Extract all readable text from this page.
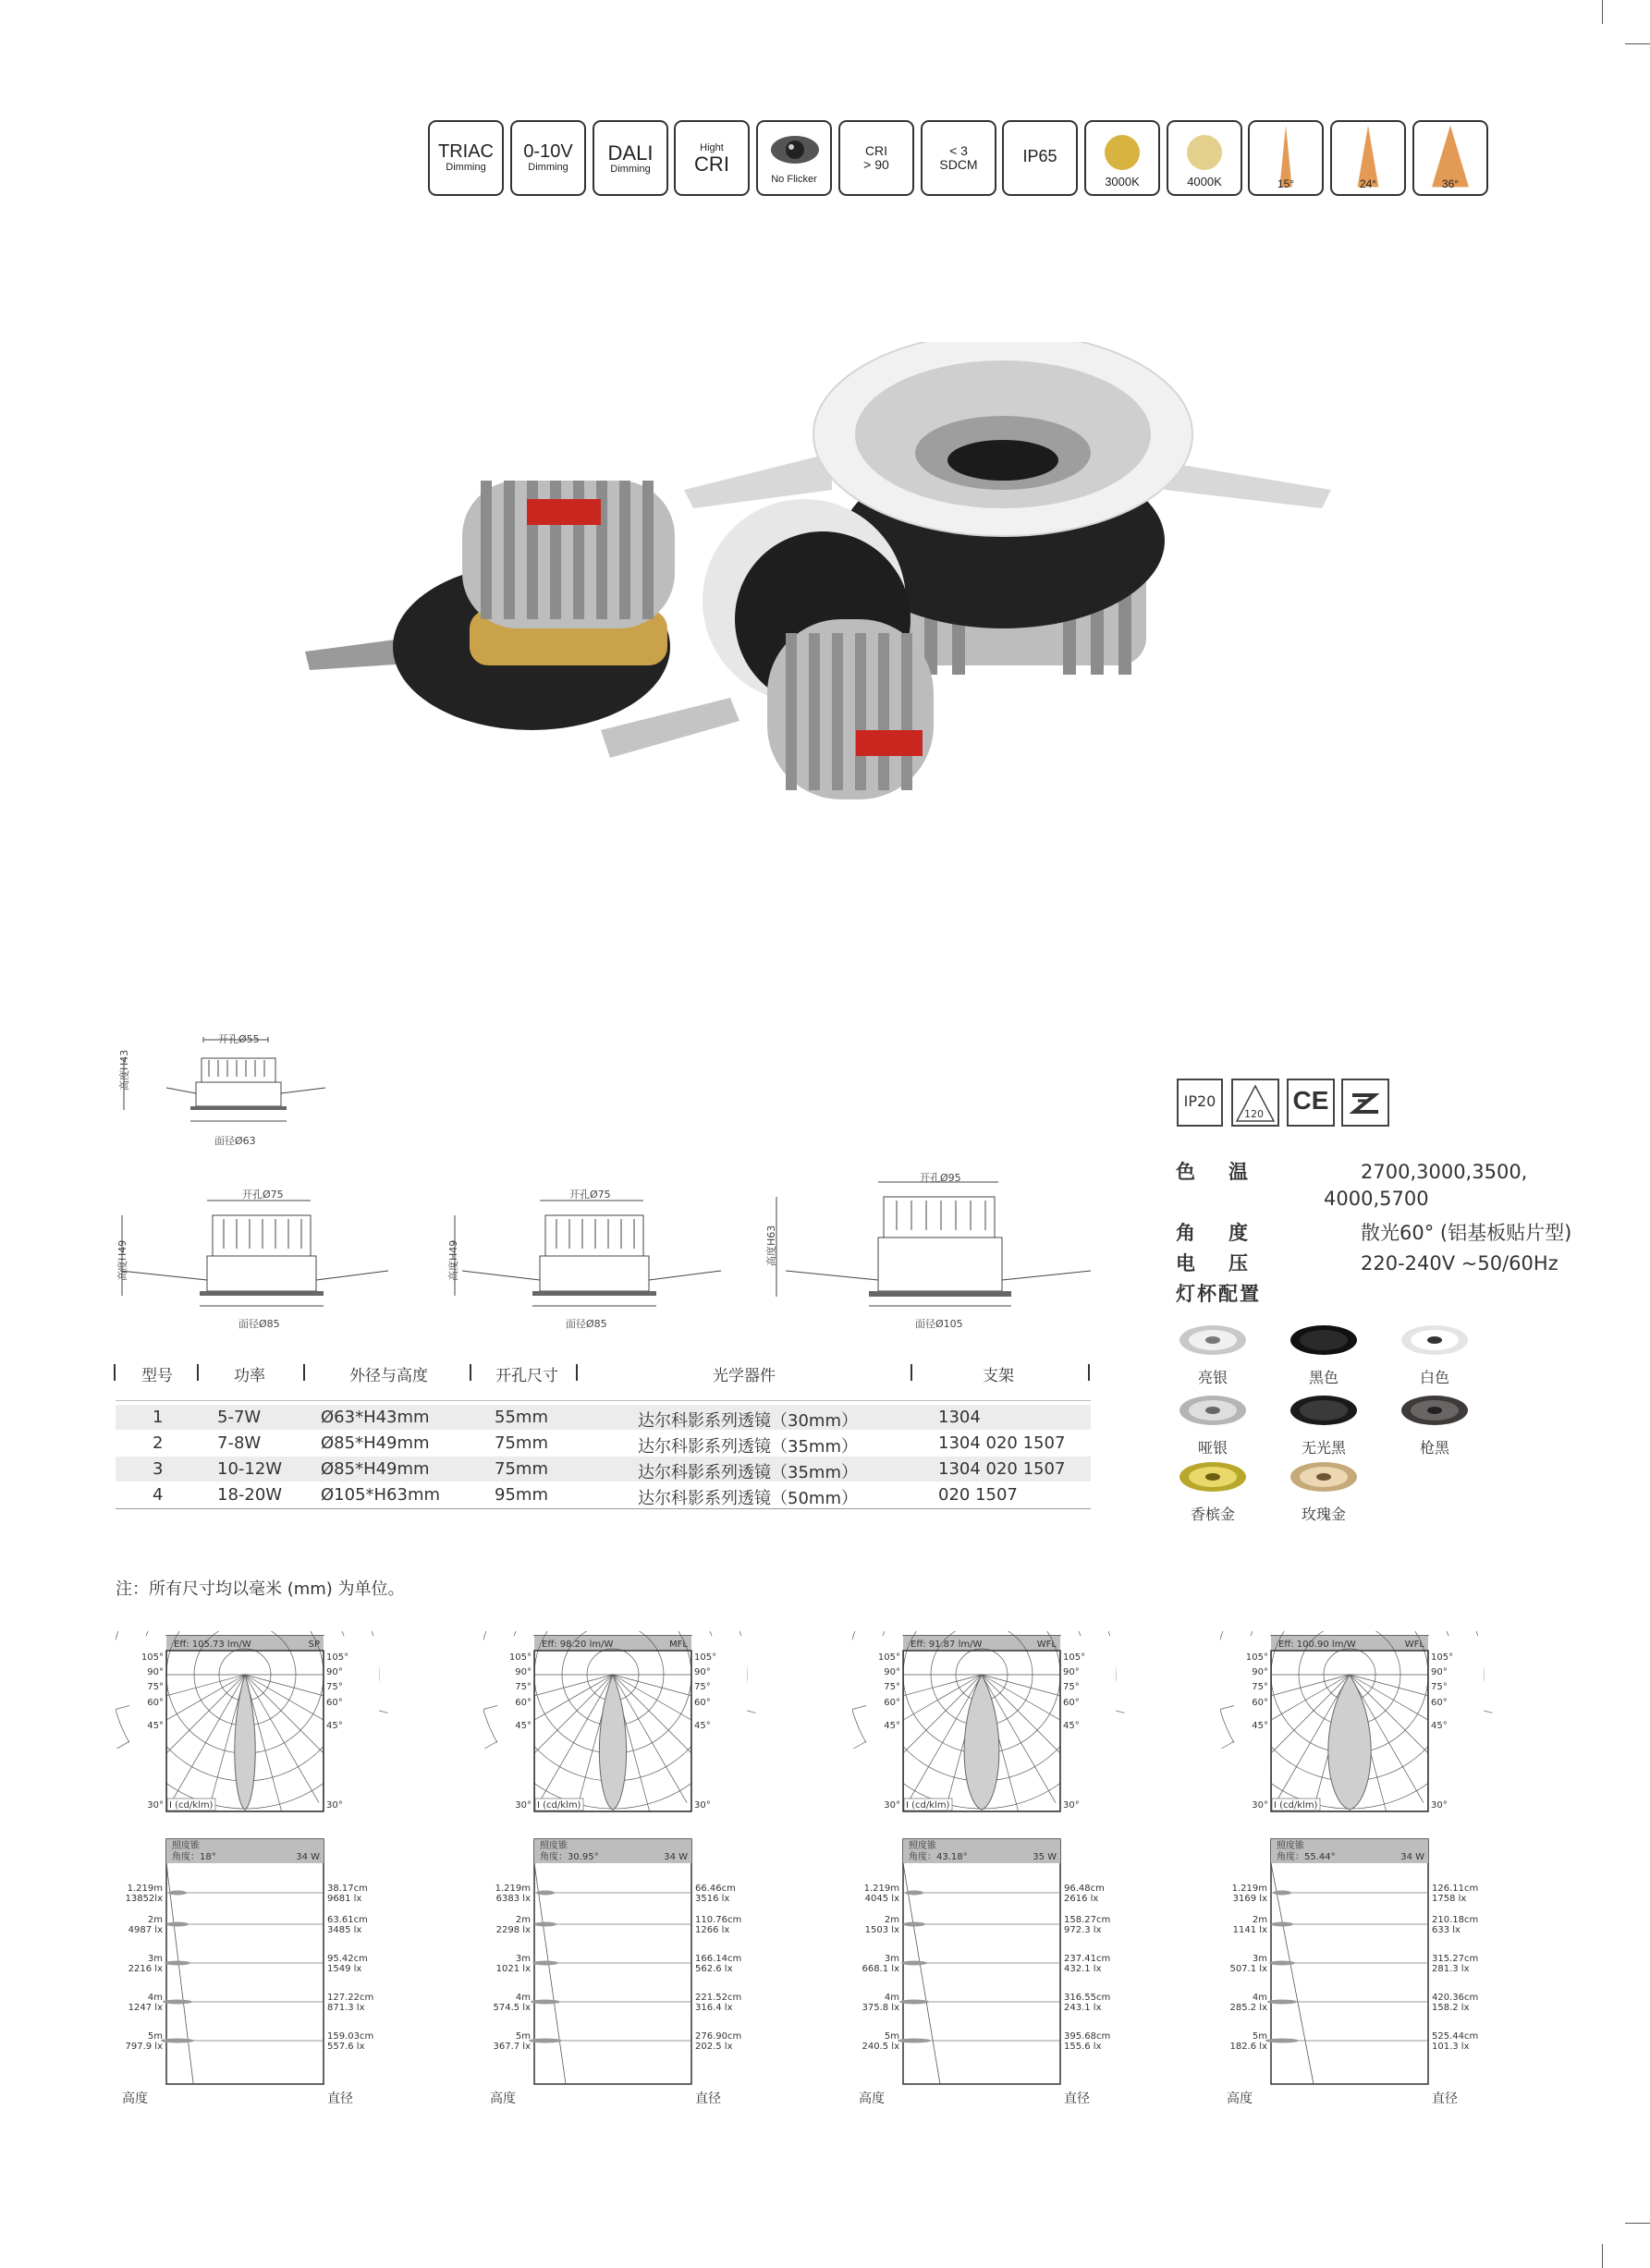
TRIAC
Dimming
0-10V
Dimming
DALI
Dimming
Hight
CRI
No Flicker
CRI
> 90
< 3
SDCM	IP65
3000K	4000K	15°	24°	36°
开孔Ø55
面径Ø63
高度H43
开孔Ø75
面径Ø85
高度H49
开孔Ø75
面径Ø85
高度H49
开孔Ø95
面径Ø105
高度H63
IP20
120 CE
色温	2700,3000,3500,
4000,5700
角度	散光60° (铝基板贴片型)
电压	220-240V ~50/60Hz
灯杯配置
亮银	黑色	白色
哑银	无光黑	枪黑
香槟金	玫瑰金
型号	功率	外径与高度	开孔尺寸	光学器件	支架
1	5-7W	Ø63*H43mm	55mm	达尔科影系列透镜（30mm）	1304
2	7-8W	Ø85*H49mm	75mm	达尔科影系列透镜（35mm）	1304 020 1507
3	10-12W Ø85*H49mm	75mm	达尔科影系列透镜（35mm）	1304 020 1507
4	18-20W Ø105*H63mm	95mm	达尔科影系列透镜（50mm）	020 1507
注：所有尺寸均以毫米 (mm) 为单位。
Eff: 105.73 lm/W	SP
I (cd/klm)
105°	105°
90°	90°
75°	75°
60°	60°
45°	45°
30°	30°
照度锥
角度：18°	34 W
1.219m
13852lx
38.17cm
9681 lx
2m
4987 lx
63.61cm
3485 lx
3m
2216 lx
95.42cm
1549 lx
4m
1247 lx
127.22cm
871.3 lx
5m
797.9 lx
159.03cm
557.6 lx
高度	直径
Eff: 98.20 lm/W	MFL
I (cd/klm)
105°	105°
90°	90°
75°	75°
60°	60°
45°	45°
30°	30°
照度锥
角度：30.95°	34 W
1.219m
6383 lx
66.46cm
3516 lx
2m
2298 lx
110.76cm
1266 lx
3m
1021 lx
166.14cm
562.6 lx
4m
574.5 lx
221.52cm
316.4 lx
5m
367.7 lx
276.90cm
202.5 lx
高度	直径
Eff: 91.87 lm/W	WFL
I (cd/klm)
105°	105°
90°	90°
75°	75°
60°	60°
45°	45°
30°	30°
照度锥
角度：43.18°	35 W
1.219m
4045 lx
96.48cm
2616 lx
2m
1503 lx
158.27cm
972.3 lx
3m
668.1 lx
237.41cm
432.1 lx
4m
375.8 lx
316.55cm
243.1 lx
5m
240.5 lx
395.68cm
155.6 lx
高度	直径
Eff: 100.90 lm/W	WFL
I (cd/klm)
105°	105°
90°	90°
75°	75°
60°	60°
45°	45°
30°	30°
照度锥
角度：55.44°	34 W
1.219m
3169 lx
126.11cm
1758 lx
2m
1141 lx
210.18cm
633 lx
3m
507.1 lx
315.27cm
281.3 lx
4m
285.2 lx
420.36cm
158.2 lx
5m
182.6 lx
525.44cm
101.3 lx
高度	直径
